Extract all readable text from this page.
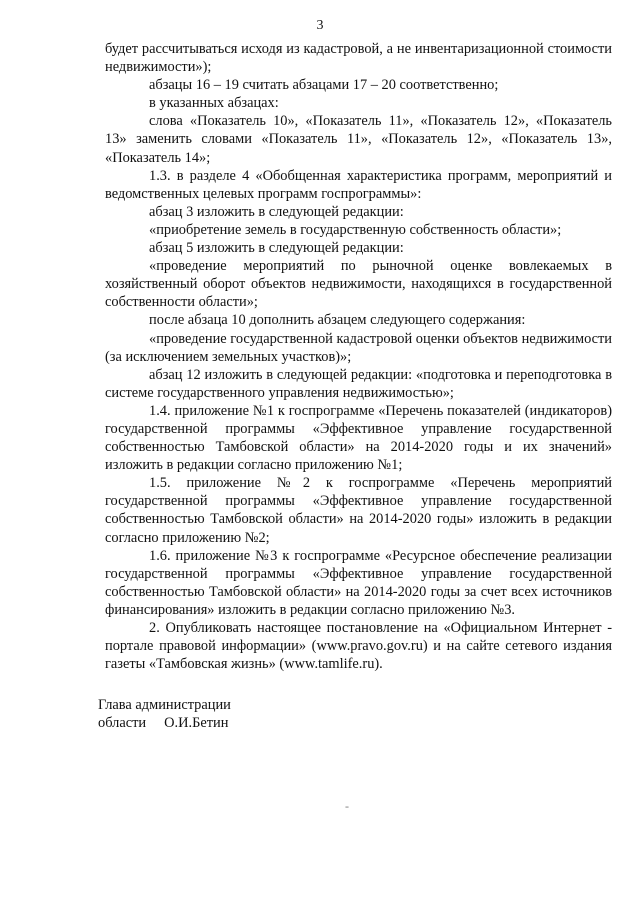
3

будет рассчитываться исходя из кадастровой, а не инвентаризационной стоимости недвижимости»);

абзацы 16 – 19 считать абзацами 17 – 20 соответственно;

в указанных абзацах:

слова «Показатель 10», «Показатель 11», «Показатель 12», «Показатель 13» заменить словами «Показатель 11», «Показатель 12», «Показатель 13», «Показатель 14»;

1.3. в разделе 4 «Обобщенная характеристика программ, мероприятий и ведомственных целевых программ госпрограммы»:

абзац 3 изложить в следующей редакции:

«приобретение земель в государственную собственность области»;

абзац 5 изложить в следующей редакции:

«проведение мероприятий по рыночной оценке вовлекаемых в хозяйственный оборот объектов недвижимости, находящихся в государственной собственности области»;

после абзаца 10 дополнить абзацем следующего содержания:

«проведение государственной кадастровой оценки объектов недвижимости (за исключением земельных участков)»;

абзац 12 изложить в следующей редакции: «подготовка и переподготовка в системе государственного управления недвижимостью»;

1.4. приложение №1 к госпрограмме «Перечень показателей (индикаторов) государственной программы «Эффективное управление государственной собственностью Тамбовской области» на 2014-2020 годы и их значений» изложить в редакции согласно приложению №1;

1.5. приложение №2 к госпрограмме «Перечень мероприятий государственной программы «Эффективное управление государственной собственностью Тамбовской области» на 2014-2020 годы» изложить в редакции согласно приложению №2;

1.6. приложение №3 к госпрограмме «Ресурсное обеспечение реализации государственной программы «Эффективное управление государственной собственностью Тамбовской области» на 2014-2020 годы за счет всех источников финансирования» изложить в редакции согласно приложению №3.

2. Опубликовать настоящее постановление на «Официальном Интернет - портале правовой информации» (www.pravo.gov.ru) и на сайте сетевого издания газеты «Тамбовская жизнь» (www.tamlife.ru).

Глава администрации
области     О.И.Бетин
-
